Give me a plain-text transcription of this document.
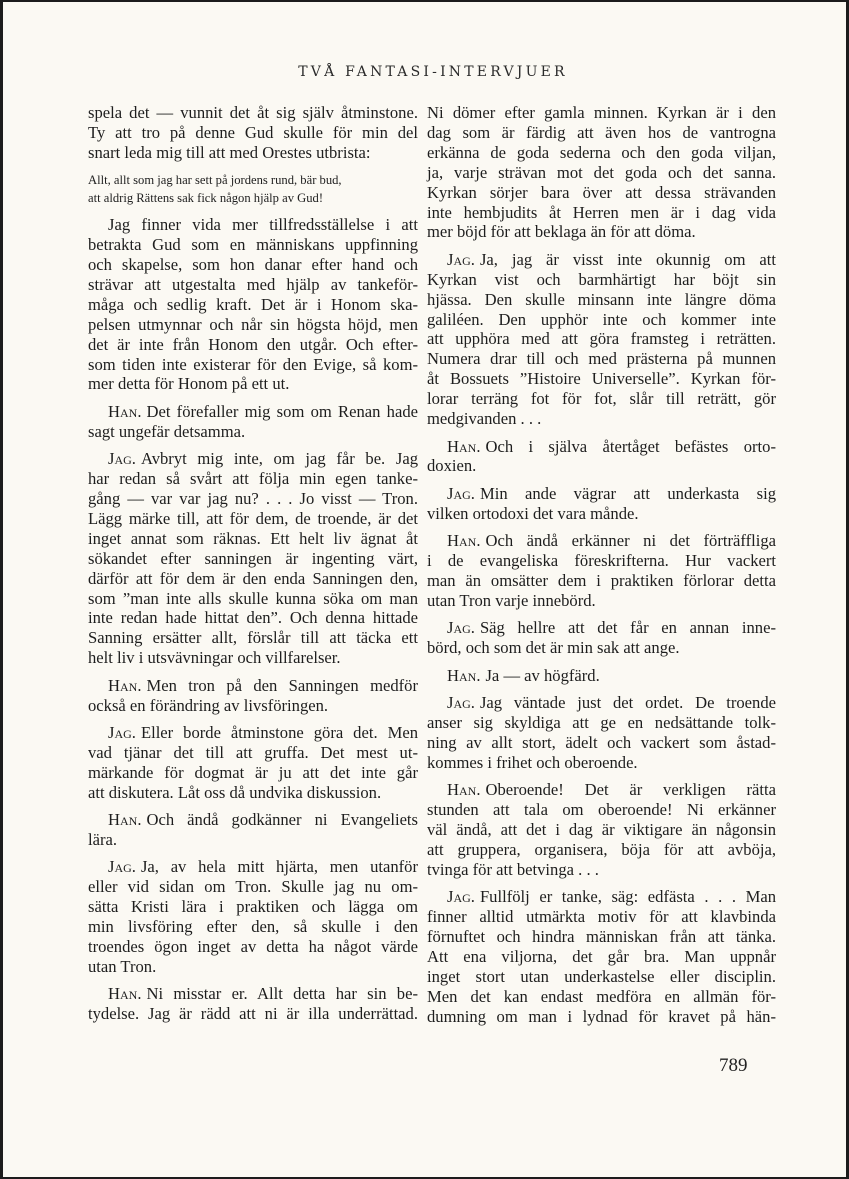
TVÅ FANTASI-INTERVJUER
spela det — vunnit det åt sig själv åtminstone.
Ty att tro på denne Gud skulle för min del
snart leda mig till att med Orestes utbrista:
Allt, allt som jag har sett på jordens rund, bär bud,
att aldrig Rättens sak fick någon hjälp av Gud!
Jag finner vida mer tillfredsställelse i att
betrakta Gud som en människans uppfinning
och skapelse, som hon danar efter hand och
strävar att utgestalta med hjälp av tankeför-
måga och sedlig kraft. Det är i Honom ska-
pelsen utmynnar och når sin högsta höjd, men
det är inte från Honom den utgår. Och efter-
som tiden inte existerar för den Evige, så kom-
mer detta för Honom på ett ut.
Han. Det förefaller mig som om Renan hade
sagt ungefär detsamma.
Jag. Avbryt mig inte, om jag får be. Jag
har redan så svårt att följa min egen tanke-
gång — var var jag nu? . . . Jo visst — Tron.
Lägg märke till, att för dem, de troende, är det
inget annat som räknas. Ett helt liv ägnat åt
sökandet efter sanningen är ingenting värt,
därför att för dem är den enda Sanningen den,
som ”man inte alls skulle kunna söka om man
inte redan hade hittat den”. Och denna hittade
Sanning ersätter allt, förslår till att täcka ett
helt liv i utsvävningar och villfarelser.
Han. Men tron på den Sanningen medför
också en förändring av livsföringen.
Jag. Eller borde åtminstone göra det. Men
vad tjänar det till att gruffa. Det mest ut-
märkande för dogmat är ju att det inte går
att diskutera. Låt oss då undvika diskussion.
Han. Och ändå godkänner ni Evangeliets
lära.
Jag. Ja, av hela mitt hjärta, men utanför
eller vid sidan om Tron. Skulle jag nu om-
sätta Kristi lära i praktiken och lägga om
min livsföring efter den, så skulle i den
troendes ögon inget av detta ha något värde
utan Tron.
Han. Ni misstar er. Allt detta har sin be-
tydelse. Jag är rädd att ni är illa underrättad.
Ni dömer efter gamla minnen. Kyrkan är i den
dag som är färdig att även hos de vantrogna
erkänna de goda sederna och den goda viljan,
ja, varje strävan mot det goda och det sanna.
Kyrkan sörjer bara över att dessa strävanden
inte hembjudits åt Herren men är i dag vida
mer böjd för att beklaga än för att döma.
Jag. Ja, jag är visst inte okunnig om att
Kyrkan vist och barmhärtigt har böjt sin
hjässa. Den skulle minsann inte längre döma
galiléen. Den upphör inte och kommer inte
att upphöra med att göra framsteg i reträtten.
Numera drar till och med prästerna på munnen
åt Bossuets ”Histoire Universelle”. Kyrkan för-
lorar terräng fot för fot, slår till reträtt, gör
medgivanden . . .
Han. Och i själva återtåget befästes orto-
doxien.
Jag. Min ande vägrar att underkasta sig
vilken ortodoxi det vara månde.
Han. Och ändå erkänner ni det förträffliga
i de evangeliska föreskrifterna. Hur vackert
man än omsätter dem i praktiken förlorar detta
utan Tron varje innebörd.
Jag. Säg hellre att det får en annan inne-
börd, och som det är min sak att ange.
Han. Ja — av högfärd.
Jag. Jag väntade just det ordet. De troende
anser sig skyldiga att ge en nedsättande tolk-
ning av allt stort, ädelt och vackert som åstad-
kommes i frihet och oberoende.
Han. Oberoende! Det är verkligen rätta
stunden att tala om oberoende! Ni erkänner
väl ändå, att det i dag är viktigare än någonsin
att gruppera, organisera, böja för att avböja,
tvinga för att betvinga . . .
Jag. Fullfölj er tanke, säg: edfästa . . . Man
finner alltid utmärkta motiv för att klavbinda
förnuftet och hindra människan från att tänka.
Att ena viljorna, det går bra. Man uppnår
inget stort utan underkastelse eller disciplin.
Men det kan endast medföra en allmän för-
dumning om man i lydnad för kravet på hän-
789
